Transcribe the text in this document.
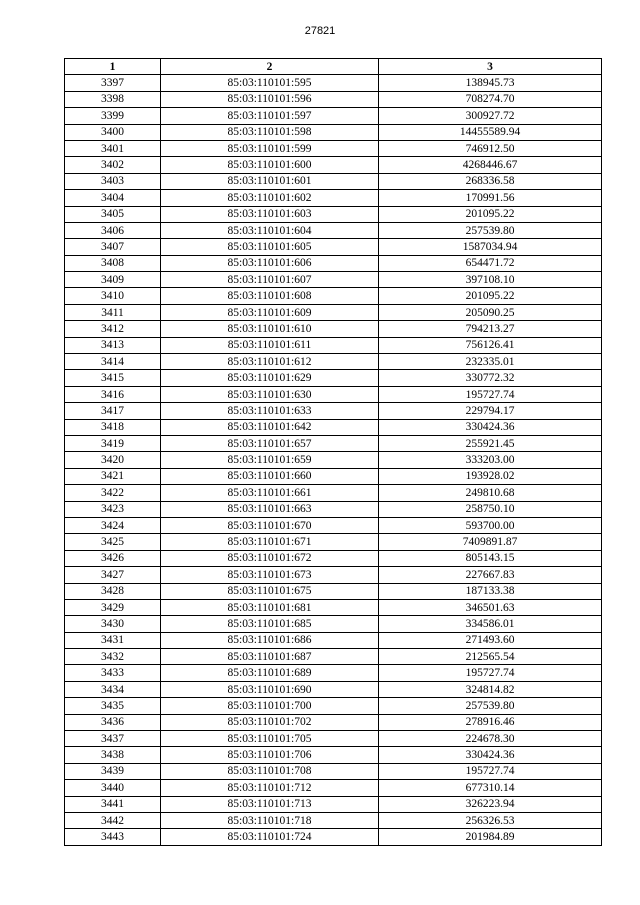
27821
1	2	3
3397	85:03:110101:595	138945.73
3398	85:03:110101:596	708274.70
3399	85:03:110101:597	300927.72
3400	85:03:110101:598	14455589.94
3401	85:03:110101:599	746912.50
3402	85:03:110101:600	4268446.67
3403	85:03:110101:601	268336.58
3404	85:03:110101:602	170991.56
3405	85:03:110101:603	201095.22
3406	85:03:110101:604	257539.80
3407	85:03:110101:605	1587034.94
3408	85:03:110101:606	654471.72
3409	85:03:110101:607	397108.10
3410	85:03:110101:608	201095.22
3411	85:03:110101:609	205090.25
3412	85:03:110101:610	794213.27
3413	85:03:110101:611	756126.41
3414	85:03:110101:612	232335.01
3415	85:03:110101:629	330772.32
3416	85:03:110101:630	195727.74
3417	85:03:110101:633	229794.17
3418	85:03:110101:642	330424.36
3419	85:03:110101:657	255921.45
3420	85:03:110101:659	333203.00
3421	85:03:110101:660	193928.02
3422	85:03:110101:661	249810.68
3423	85:03:110101:663	258750.10
3424	85:03:110101:670	593700.00
3425	85:03:110101:671	7409891.87
3426	85:03:110101:672	805143.15
3427	85:03:110101:673	227667.83
3428	85:03:110101:675	187133.38
3429	85:03:110101:681	346501.63
3430	85:03:110101:685	334586.01
3431	85:03:110101:686	271493.60
3432	85:03:110101:687	212565.54
3433	85:03:110101:689	195727.74
3434	85:03:110101:690	324814.82
3435	85:03:110101:700	257539.80
3436	85:03:110101:702	278916.46
3437	85:03:110101:705	224678.30
3438	85:03:110101:706	330424.36
3439	85:03:110101:708	195727.74
3440	85:03:110101:712	677310.14
3441	85:03:110101:713	326223.94
3442	85:03:110101:718	256326.53
3443	85:03:110101:724	201984.89
